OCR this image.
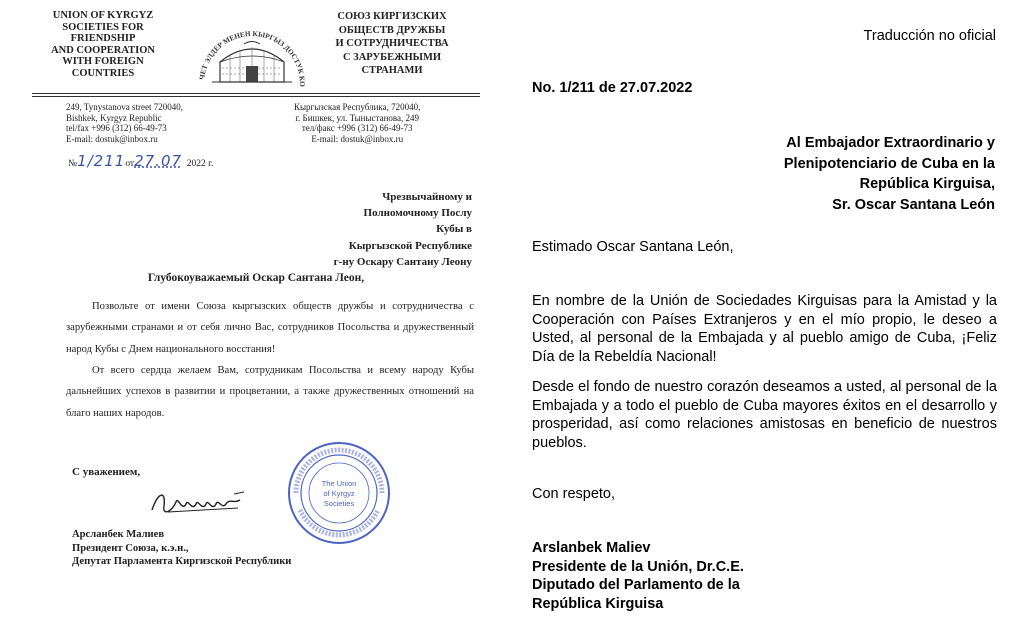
UNION OF KYRGYZ
SOCIETIES FOR
FRIENDSHIP
AND COOPERATION
WITH FOREIGN
COUNTRIES	ЧЕТ ЭЛДЕР МЕНЕН КЫРГЫЗ ДОСТУК КО
СОЮЗ КИРГИЗСКИХ
ОБЩЕСТВ ДРУЖБЫ
И СОТРУДНИЧЕСТВА
С ЗАРУБЕЖНЫМИ
СТРАНАМИ
249, Tynystanova street 720040,
Bishkek, Kyrgyz Republic
tel/fax +996 (312) 66-49-73
E-mail: dostuk@inbox.ru
Кыргызская Республика, 720040,
г. Бишкек, ул. Тыныстанова, 249
тел/факс +996 (312) 66-49-73
E-mail: dostuk@inbox.ru
№1/211от27.07 2022 г.
Чрезвычайному и
Полномочному Послу
Кубы в
Кыргызской Республике
г-ну Оскару Сантану Леону
Глубокоуважаемый Оскар Сантана Леон,
Позвольте от имени Союза кыргызских обществ дружбы и сотрудничества с зарубежными странами и от себя лично Вас, сотрудников Посольства и дружественный народ Кубы с Днем национального восстания!
От всего сердца желаем Вам, сотрудникам Посольства и всему народу Кубы дальнейших успехов в развитии и процветании, а также дружественных отношений на благо наших народов.
С уважением,
The Union
of Kyrgyz
Societies
Арсланбек Малиев
Президент Союза, к.э.н.,
Депутат Парламента Киргизской Республики
Traducción no oficial
No. 1/211 de 27.07.2022
Al Embajador Extraordinario y
Plenipotenciario de Cuba en la
República Kirguisa,
Sr. Oscar Santana León
Estimado Oscar Santana León,
En nombre de la Unión de Sociedades Kirguisas para la Amistad y la Cooperación con Países Extranjeros y en el mío propio, le deseo a Usted, al personal de la Embajada y al pueblo amigo de Cuba, ¡Feliz Día de la Rebeldía Nacional!
Desde el fondo de nuestro corazón deseamos a usted, al personal de la Embajada y a todo el pueblo de Cuba mayores éxitos en el desarrollo y prosperidad, así como relaciones amistosas en beneficio de nuestros pueblos.
Con respeto,
Arslanbek Maliev
Presidente de la Unión, Dr.C.E.
Diputado del Parlamento de la
República Kirguisa
